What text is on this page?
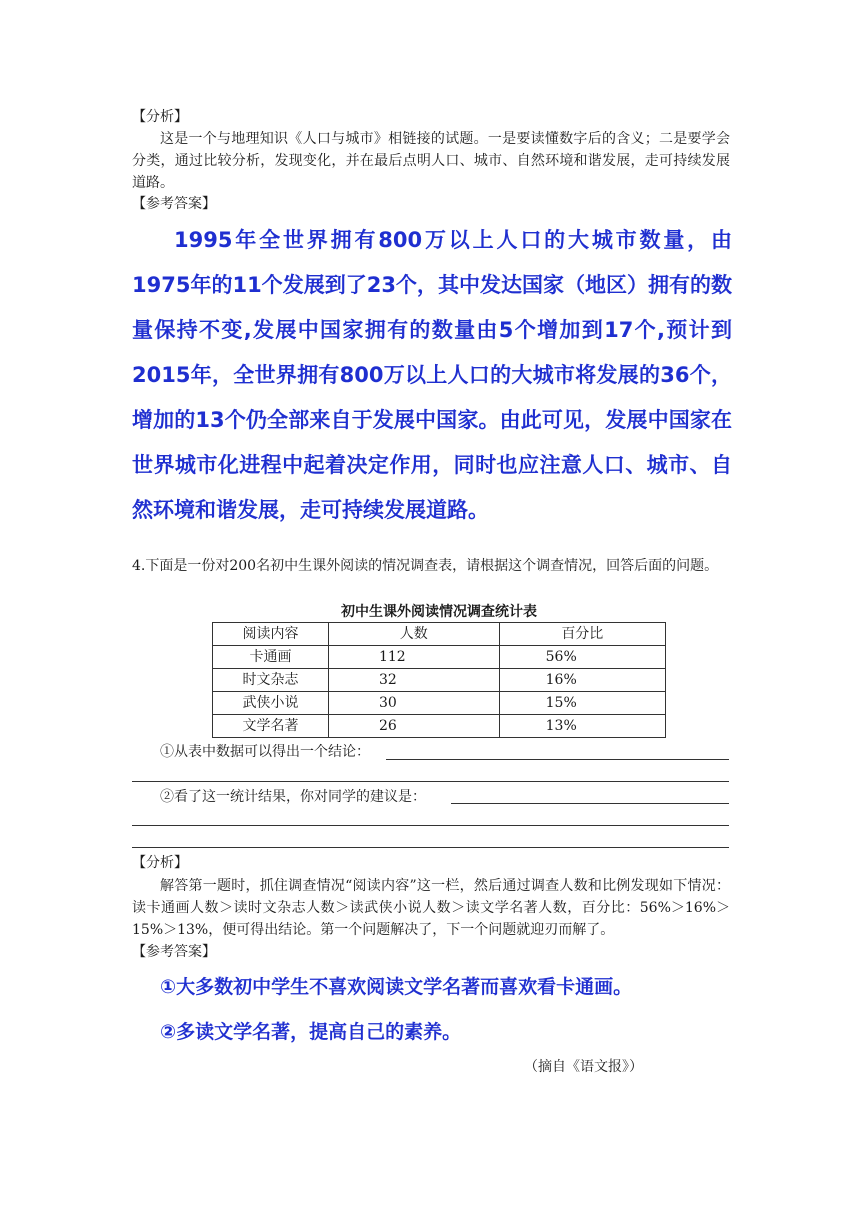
【分析】

这是一个与地理知识《人口与城市》相链接的试题。一是要读懂数字后的含义；二是要学会分类，通过比较分析，发现变化，并在最后点明人口、城市、自然环境和谐发展，走可持续发展道路。

【参考答案】

1995年全世界拥有800万以上人口的大城市数量，由1975年的11个发展到了23个，其中发达国家（地区）拥有的数量保持不变,发展中国家拥有的数量由5个增加到17个,预计到2015年，全世界拥有800万以上人口的大城市将发展的36个，增加的13个仍全部来自于发展中国家。由此可见，发展中国家在世界城市化进程中起着决定作用，同时也应注意人口、城市、自然环境和谐发展，走可持续发展道路。

4.下面是一份对200名初中生课外阅读的情况调查表，请根据这个调查情况，回答后面的问题。

初中生课外阅读情况调查统计表
阅读内容	人数	百分比
卡通画	112	56%
时文杂志	32	16%
武侠小说	30	15%
文学名著	26	13%
①从表中数据可以得出一个结论：
②看了这一统计结果，你对同学的建议是：
【分析】

解答第一题时，抓住调查情况“阅读内容”这一栏，然后通过调查人数和比例发现如下情况：读卡通画人数＞读时文杂志人数＞读武侠小说人数＞读文学名著人数，百分比：56%＞16%＞15%＞13%，便可得出结论。第一个问题解决了，下一个问题就迎刃而解了。

【参考答案】
①大多数初中学生不喜欢阅读文学名著而喜欢看卡通画。
②多读文学名著，提高自己的素养。
（摘自《语文报》）
